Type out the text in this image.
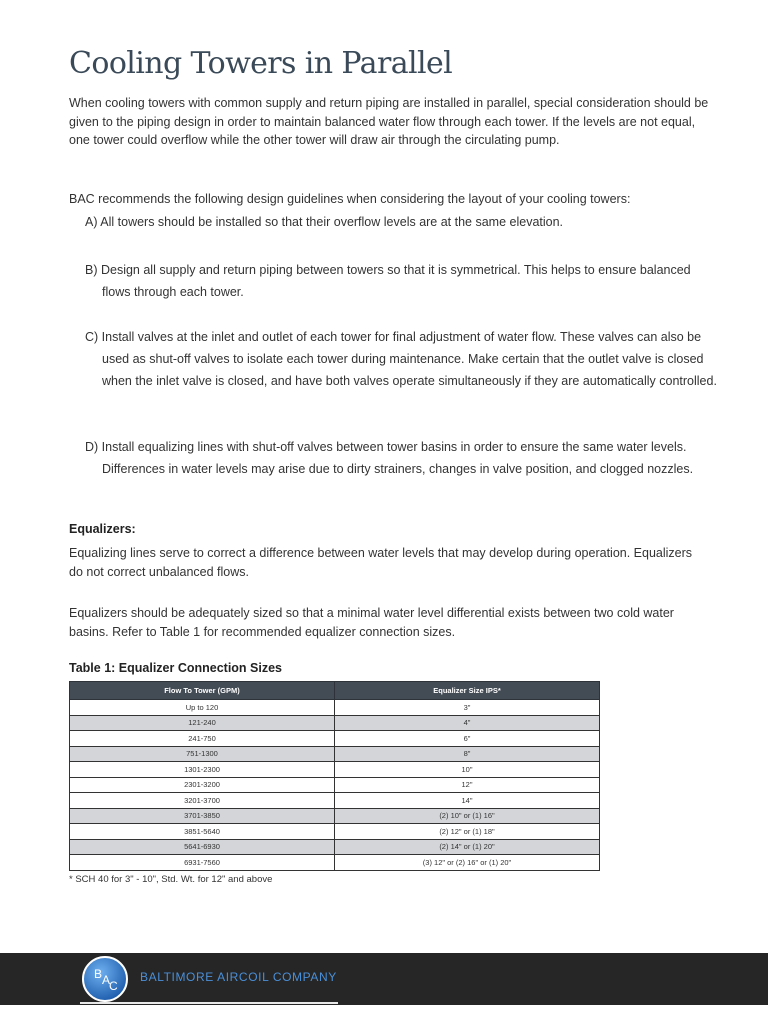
Cooling Towers in Parallel

When cooling towers with common supply and return piping are installed in parallel, special consideration should be given to the piping design in order to maintain balanced water flow through each tower. If the levels are not equal, one tower could overflow while the other tower will draw air through the circulating pump.

BAC recommends the following design guidelines when considering the layout of your cooling towers:

A) All towers should be installed so that their overflow levels are at the same elevation.

B) Design all supply and return piping between towers so that it is symmetrical. This helps to ensure balanced flows through each tower.

C) Install valves at the inlet and outlet of each tower for final adjustment of water flow. These valves can also be used as shut-off valves to isolate each tower during maintenance. Make certain that the outlet valve is closed when the inlet valve is closed, and have both valves operate simultaneously if they are automatically controlled.

D) Install equalizing lines with shut-off valves between tower basins in order to ensure the same water levels. Differences in water levels may arise due to dirty strainers, changes in valve position, and clogged nozzles.

Equalizers:

Equalizing lines serve to correct a difference between water levels that may develop during operation. Equalizers do not correct unbalanced flows.

Equalizers should be adequately sized so that a minimal water level differential exists between two cold water basins. Refer to Table 1 for recommended equalizer connection sizes.

Table 1: Equalizer Connection Sizes

Flow To Tower (GPM)	Equalizer Size IPS*
Up to 120	3"
121-240	4"
241-750	6"
751-1300	8"
1301-2300	10"
2301-3200	12"
3201-3700	14"
3701-3850	(2) 10" or (1) 16"
3851-5640	(2) 12" or (1) 18"
5641-6930	(2) 14" or (1) 20"
6931-7560	(3) 12" or (2) 16" or (1) 20"

* SCH 40 for 3" - 10", Std. Wt. for 12" and above

B A
C

BALTIMORE AIRCOIL COMPANY
